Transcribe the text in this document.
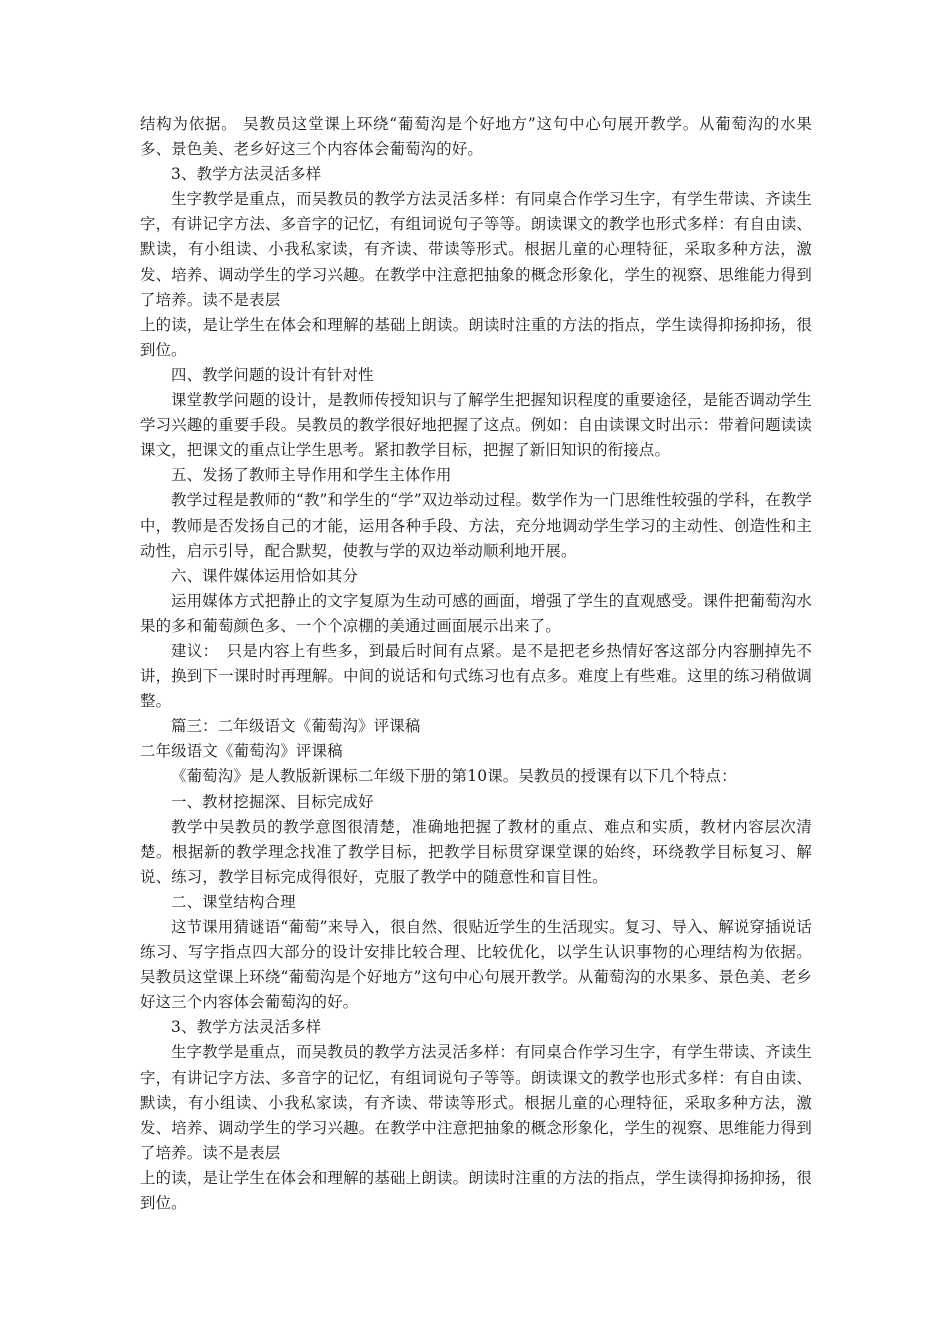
结构为依据。 吴教员这堂课上环绕“葡萄沟是个好地方”这句中心句展开教学。从葡萄沟的水果多、景色美、老乡好这三个内容体会葡萄沟的好。

3、教学方法灵活多样

生字教学是重点，而吴教员的教学方法灵活多样：有同桌合作学习生字，有学生带读、齐读生字，有讲记字方法、多音字的记忆，有组词说句子等等。朗读课文的教学也形式多样：有自由读、默读，有小组读、小我私家读，有齐读、带读等形式。根据儿童的心理特征，采取多种方法，激发、培养、调动学生的学习兴趣。在教学中注意把抽象的概念形象化，学生的视察、思维能力得到了培养。读不是表层

上的读，是让学生在体会和理解的基础上朗读。朗读时注重的方法的指点，学生读得抑扬抑扬，很到位。

四、教学问题的设计有针对性

课堂教学问题的设计，是教师传授知识与了解学生把握知识程度的重要途径，是能否调动学生学习兴趣的重要手段。吴教员的教学很好地把握了这点。例如：自由读课文时出示：带着问题读读课文，把课文的重点让学生思考。紧扣教学目标，把握了新旧知识的衔接点。

五、发扬了教师主导作用和学生主体作用

教学过程是教师的“教”和学生的“学”双边举动过程。数学作为一门思维性较强的学科，在教学中，教师是否发扬自己的才能，运用各种手段、方法，充分地调动学生学习的主动性、创造性和主动性，启示引导，配合默契，使教与学的双边举动顺利地开展。

六、课件媒体运用恰如其分

运用媒体方式把静止的文字复原为生动可感的画面，增强了学生的直观感受。课件把葡萄沟水果的多和葡萄颜色多、一个个凉棚的美通过画面展示出来了。

建议：　只是内容上有些多，到最后时间有点紧。是不是把老乡热情好客这部分内容删掉先不讲，换到下一课时时再理解。中间的说话和句式练习也有点多。难度上有些难。这里的练习稍做调整。

篇三：二年级语文《葡萄沟》评课稿

二年级语文《葡萄沟》评课稿

《葡萄沟》是人教版新课标二年级下册的第10课。吴教员的授课有以下几个特点：

一、教材挖掘深、目标完成好

教学中吴教员的教学意图很清楚，准确地把握了教材的重点、难点和实质，教材内容层次清楚。根据新的教学理念找准了教学目标，把教学目标贯穿课堂课的始终，环绕教学目标复习、解说、练习，教学目标完成得很好，克服了教学中的随意性和盲目性。

二、课堂结构合理

这节课用猜谜语“葡萄”来导入，很自然、很贴近学生的生活现实。复习、导入、解说穿插说话练习、写字指点四大部分的设计安排比较合理、比较优化，以学生认识事物的心理结构为依据。 吴教员这堂课上环绕“葡萄沟是个好地方”这句中心句展开教学。从葡萄沟的水果多、景色美、老乡好这三个内容体会葡萄沟的好。

3、教学方法灵活多样

生字教学是重点，而吴教员的教学方法灵活多样：有同桌合作学习生字，有学生带读、齐读生字，有讲记字方法、多音字的记忆，有组词说句子等等。朗读课文的教学也形式多样：有自由读、默读，有小组读、小我私家读，有齐读、带读等形式。根据儿童的心理特征，采取多种方法，激发、培养、调动学生的学习兴趣。在教学中注意把抽象的概念形象化，学生的视察、思维能力得到了培养。读不是表层

上的读，是让学生在体会和理解的基础上朗读。朗读时注重的方法的指点，学生读得抑扬抑扬，很到位。
